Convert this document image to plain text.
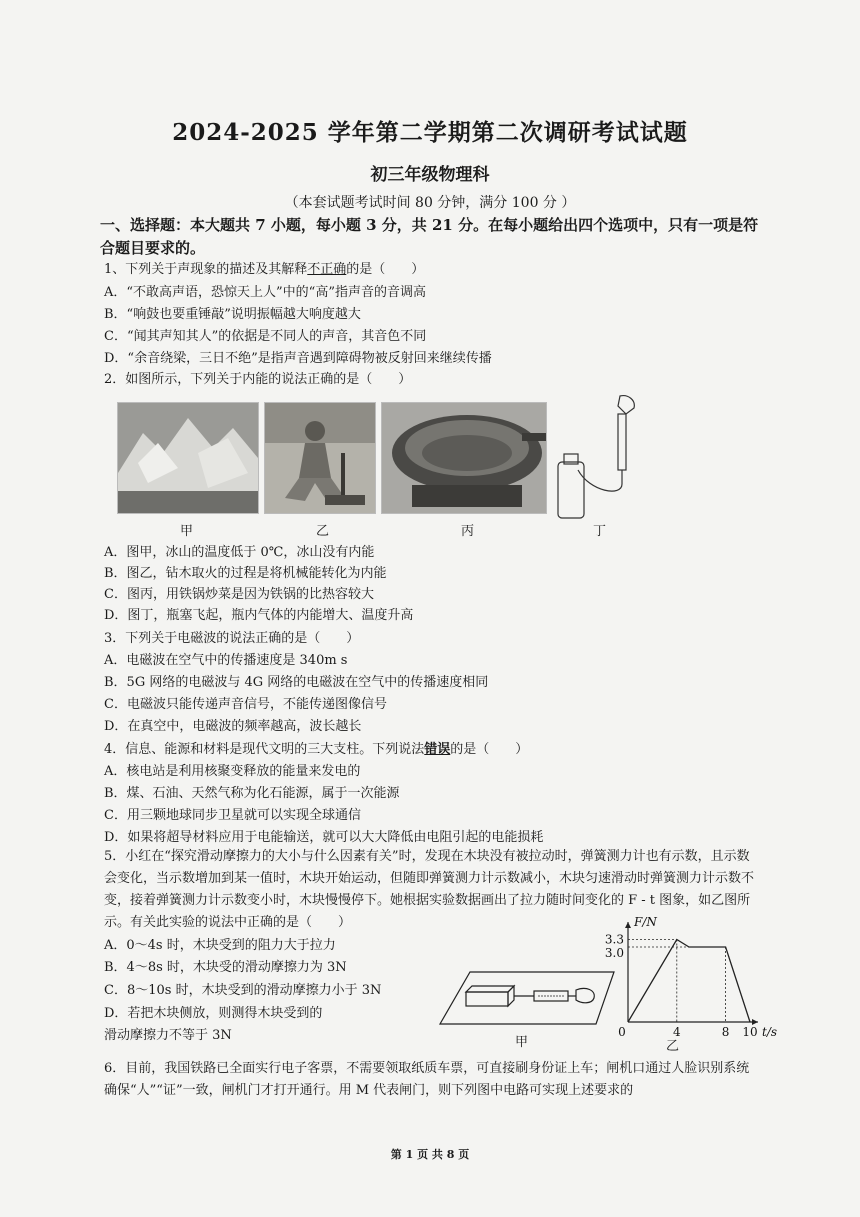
2024-2025 学年第二学期第二次调研考试试题
初三年级物理科
（本套试题考试时间 80 分钟，满分 100 分 ）
一、选择题：本大题共 7 小题，每小题 3 分，共 21 分。在每小题给出四个选项中，只有一项是符合题目要求的。
1、下列关于声现象的描述及其解释不正确的是（　　）
A．“不敢高声语，恐惊天上人”中的“高”指声音的音调高
B．“响鼓也要重锤敲”说明振幅越大响度越大
C．“闻其声知其人”的依据是不同人的声音，其音色不同
D．“余音绕梁，三日不绝”是指声音遇到障碍物被反射回来继续传播
2．如图所示，下列关于内能的说法正确的是（　　）
甲	乙	丙	丁
A．图甲，冰山的温度低于 0℃，冰山没有内能
B．图乙，钻木取火的过程是将机械能转化为内能
C．图丙，用铁锅炒菜是因为铁锅的比热容较大
D．图丁，瓶塞飞起，瓶内气体的内能增大、温度升高
3．下列关于电磁波的说法正确的是（　　）
A．电磁波在空气中的传播速度是 340m s
B．5G 网络的电磁波与 4G 网络的电磁波在空气中的传播速度相同
C．电磁波只能传递声音信号，不能传递图像信号
D．在真空中，电磁波的频率越高，波长越长
4．信息、能源和材料是现代文明的三大支柱。下列说法错误的是（　　）
A．核电站是利用核聚变释放的能量来发电的
B．煤、石油、天然气称为化石能源，属于一次能源
C．用三颗地球同步卫星就可以实现全球通信
D．如果将超导材料应用于电能输送，就可以大大降低由电阻引起的电能损耗
5．小红在“探究滑动摩擦力的大小与什么因素有关”时，发现在木块没有被拉动时，弹簧测力计也有示数，且示数会变化，当示数增加到某一值时，木块开始运动，但随即弹簧测力计示数减小，木块匀速滑动时弹簧测力计示数不变，接着弹簧测力计示数变小时，木块慢慢停下。她根据实验数据画出了拉力随时间变化的 F - t 图象，如乙图所示。有关此实验的说法中正确的是（　　）
A．0～4s 时，木块受到的阻力大于拉力
B．4～8s 时，木块受的滑动摩擦力为 3N
C．8～10s 时，木块受到的滑动摩擦力小于 3N
D．若把木块侧放，则测得木块受到的
滑动摩擦力不等于 3N	甲
0	4	8 10
3.3
3.0
F/N
t/s
乙
6．目前，我国铁路已全面实行电子客票，不需要领取纸质车票，可直接刷身份证上车；闸机口通过人脸识别系统确保“人”“证”一致，闸机门才打开通行。用 M 代表闸门，则下列图中电路可实现上述要求的
第 1 页 共 8 页
